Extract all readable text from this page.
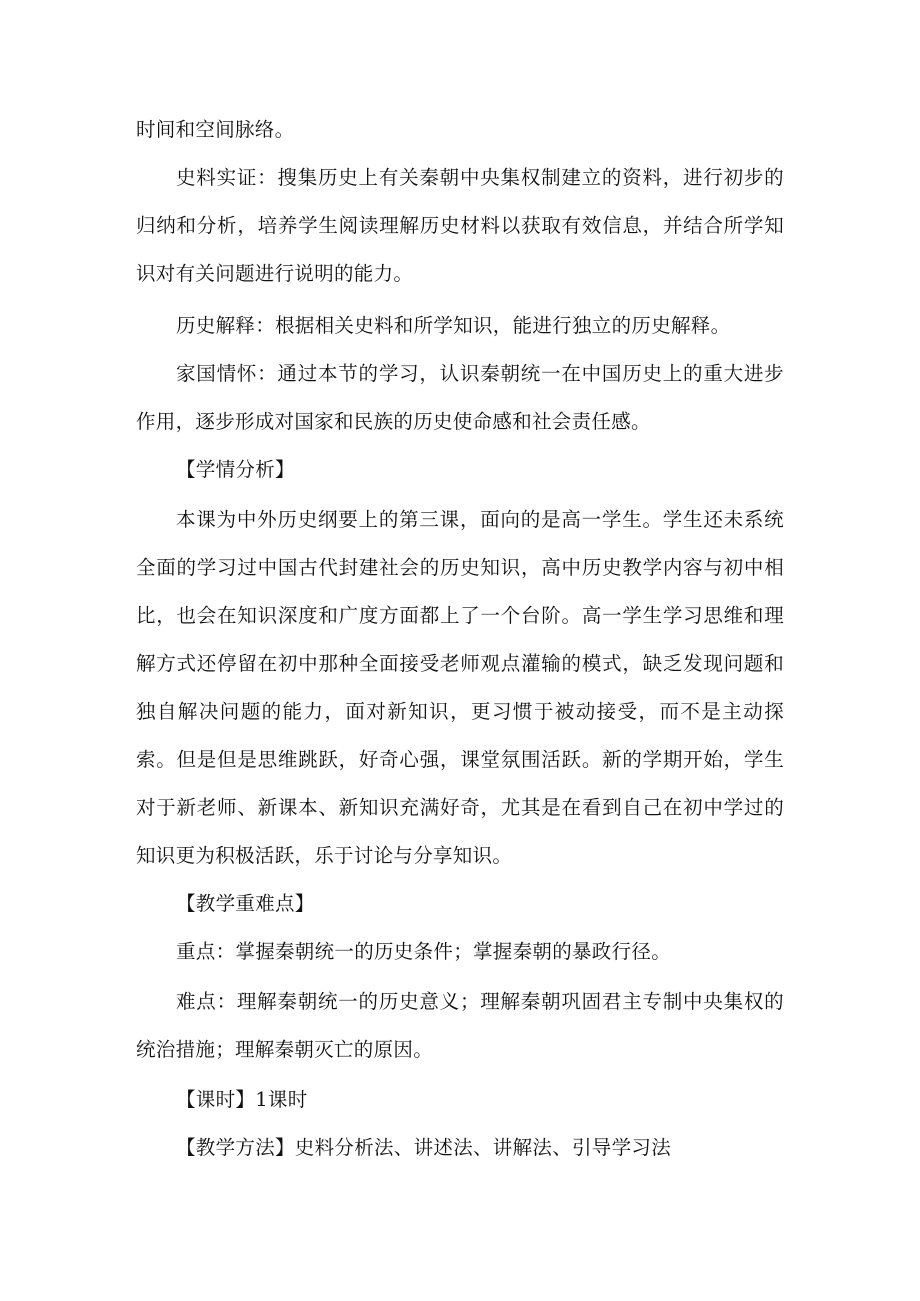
时间和空间脉络。
史料实证：搜集历史上有关秦朝中央集权制建立的资料，进行初步的归纳和分析，培养学生阅读理解历史材料以获取有效信息，并结合所学知识对有关问题进行说明的能力。
历史解释：根据相关史料和所学知识，能进行独立的历史解释。
家国情怀：通过本节的学习，认识秦朝统一在中国历史上的重大进步作用，逐步形成对国家和民族的历史使命感和社会责任感。
【学情分析】
本课为中外历史纲要上的第三课，面向的是高一学生。学生还未系统全面的学习过中国古代封建社会的历史知识，高中历史教学内容与初中相比，也会在知识深度和广度方面都上了一个台阶。高一学生学习思维和理解方式还停留在初中那种全面接受老师观点灌输的模式，缺乏发现问题和独自解决问题的能力，面对新知识，更习惯于被动接受，而不是主动探索。但是但是思维跳跃，好奇心强，课堂氛围活跃。新的学期开始，学生对于新老师、新课本、新知识充满好奇，尤其是在看到自己在初中学过的知识更为积极活跃，乐于讨论与分享知识。
【教学重难点】
重点：掌握秦朝统一的历史条件；掌握秦朝的暴政行径。
难点：理解秦朝统一的历史意义；理解秦朝巩固君主专制中央集权的统治措施；理解秦朝灭亡的原因。
【课时】1课时
【教学方法】史料分析法、讲述法、讲解法、引导学习法
